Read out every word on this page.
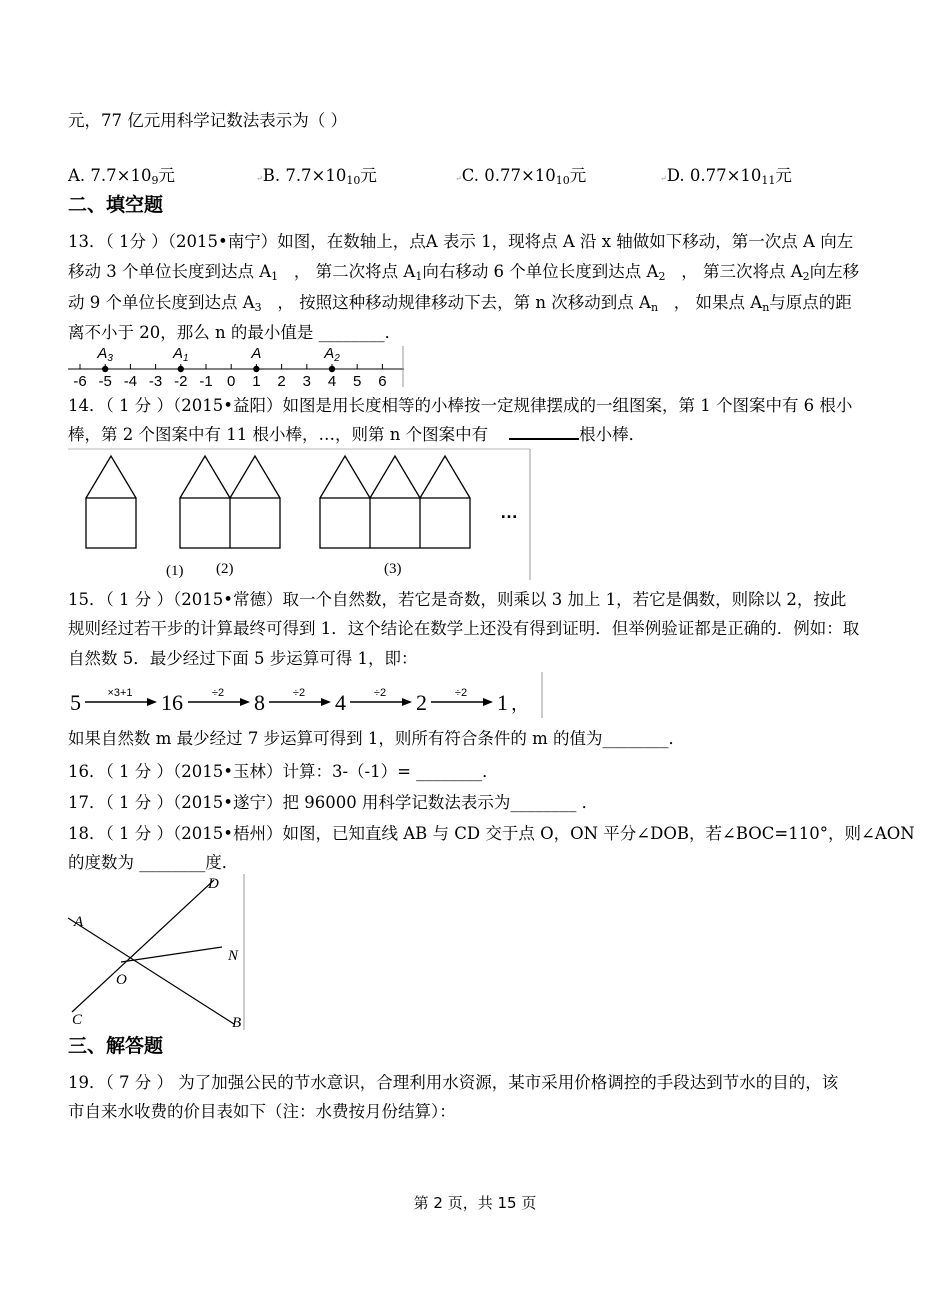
元，77 亿元用科学记数法表示为（ ）
A. $7.7\times 10_9$元	↵B. $7.7\times 10_{10}$元	↵C. $0.77\times 10_{10}$元	↵D. $0.77\times 10_{11}$元
二、填空题
13．（ 1分 ）（2015•南宁）如图，在数轴上，点A 表示 1，现将点 A 沿 x 轴做如下移动，第一次点 A 向左
移动 3 个单位长度到达点 $A_1$ ， 第二次将点 $A_1$向右移动 6 个单位长度到达点 $A_2$ ， 第三次将点 $A_2$向左移
动 9 个单位长度到达点 $A_3$ ， 按照这种移动规律移动下去，第 n 次移动到点 $A_n$ ， 如果点 $A_n$与原点的距
离不小于 20，那么 n 的最小值是 ________．
-6 -5 -4 -3 -2 -1 0 1 2 3 4 5 6
$A_3$	$A_1$	A	$A_2$
14．（ 1 分 ）（2015•益阳）如图是用长度相等的小棒按一定规律摆成的一组图案，第 1 个图案中有 6 根小
棒，第 2 个图案中有 11 根小棒，…，则第 n 个图案中有	根小棒．
(1) (2)	(3)
…
15．（ 1 分 ）（2015•常德）取一个自然数，若它是奇数，则乘以 3 加上 1，若它是偶数，则除以 2，按此
规则经过若干步的计算最终可得到 1．这个结论在数学上还没有得到证明．但举例验证都是正确的．例如：取
自然数 5．最少经过下面 5 步运算可得 1，即：
5 ×3+1 16	÷2 8	÷2 4	÷2 2	÷2 1 ，
如果自然数 m 最少经过 7 步运算可得到 1，则所有符合条件的 m 的值为________．
16．（ 1 分 ）（2015•玉林）计算：3-（-1）= ________．
17．（ 1 分 ）（2015•遂宁）把 96000 用科学记数法表示为________ ．
18．（ 1 分 ）（2015•梧州）如图，已知直线 AB 与 CD 交于点 O，ON 平分∠DOB，若∠BOC=110°，则∠AON
的度数为 ________度．
A
B
C
D
N
O
三、解答题
19．（ 7 分 ） 为了加强公民的节水意识，合理利用水资源，某市采用价格调控的手段达到节水的目的，该
市自来水收费的价目表如下（注：水费按月份结算）：
第 2 页，共 15 页
